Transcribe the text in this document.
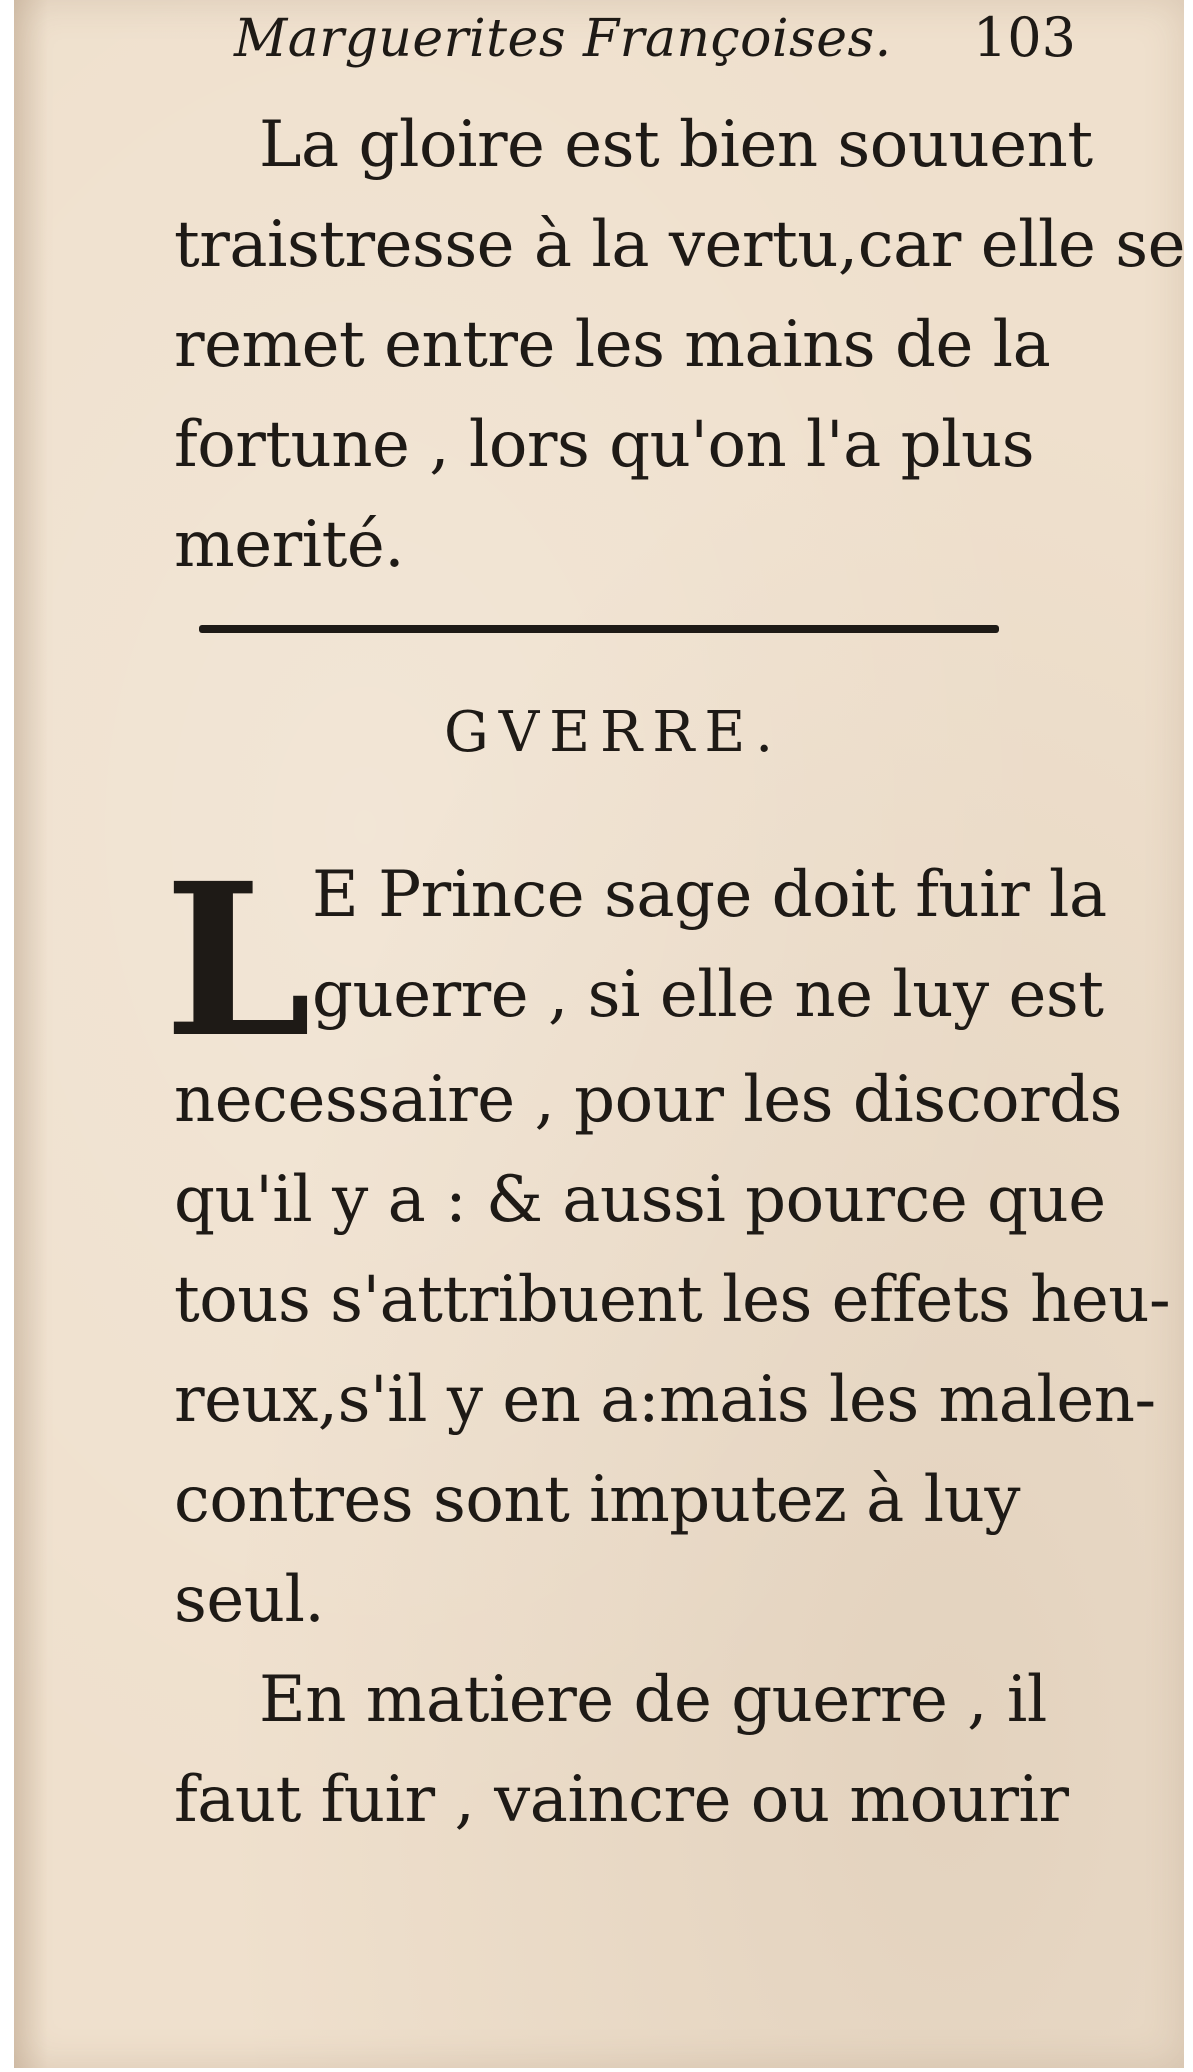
Marguerites Françoises. 103
La gloire est bien souuent
traistresse à la vertu,car elle se
remet entre les mains de la
fortune , lors qu'on l'a plus
merité.
GVERRE.
L E Prince sage doit fuir la
guerre , si elle ne luy est
necessaire , pour les discords
qu'il y a : & aussi pource que
tous s'attribuent les effets heu-
reux,s'il y en a:mais les malen-
contres sont imputez à luy
seul.
En matiere de guerre , il
faut fuir , vaincre ou mourir
